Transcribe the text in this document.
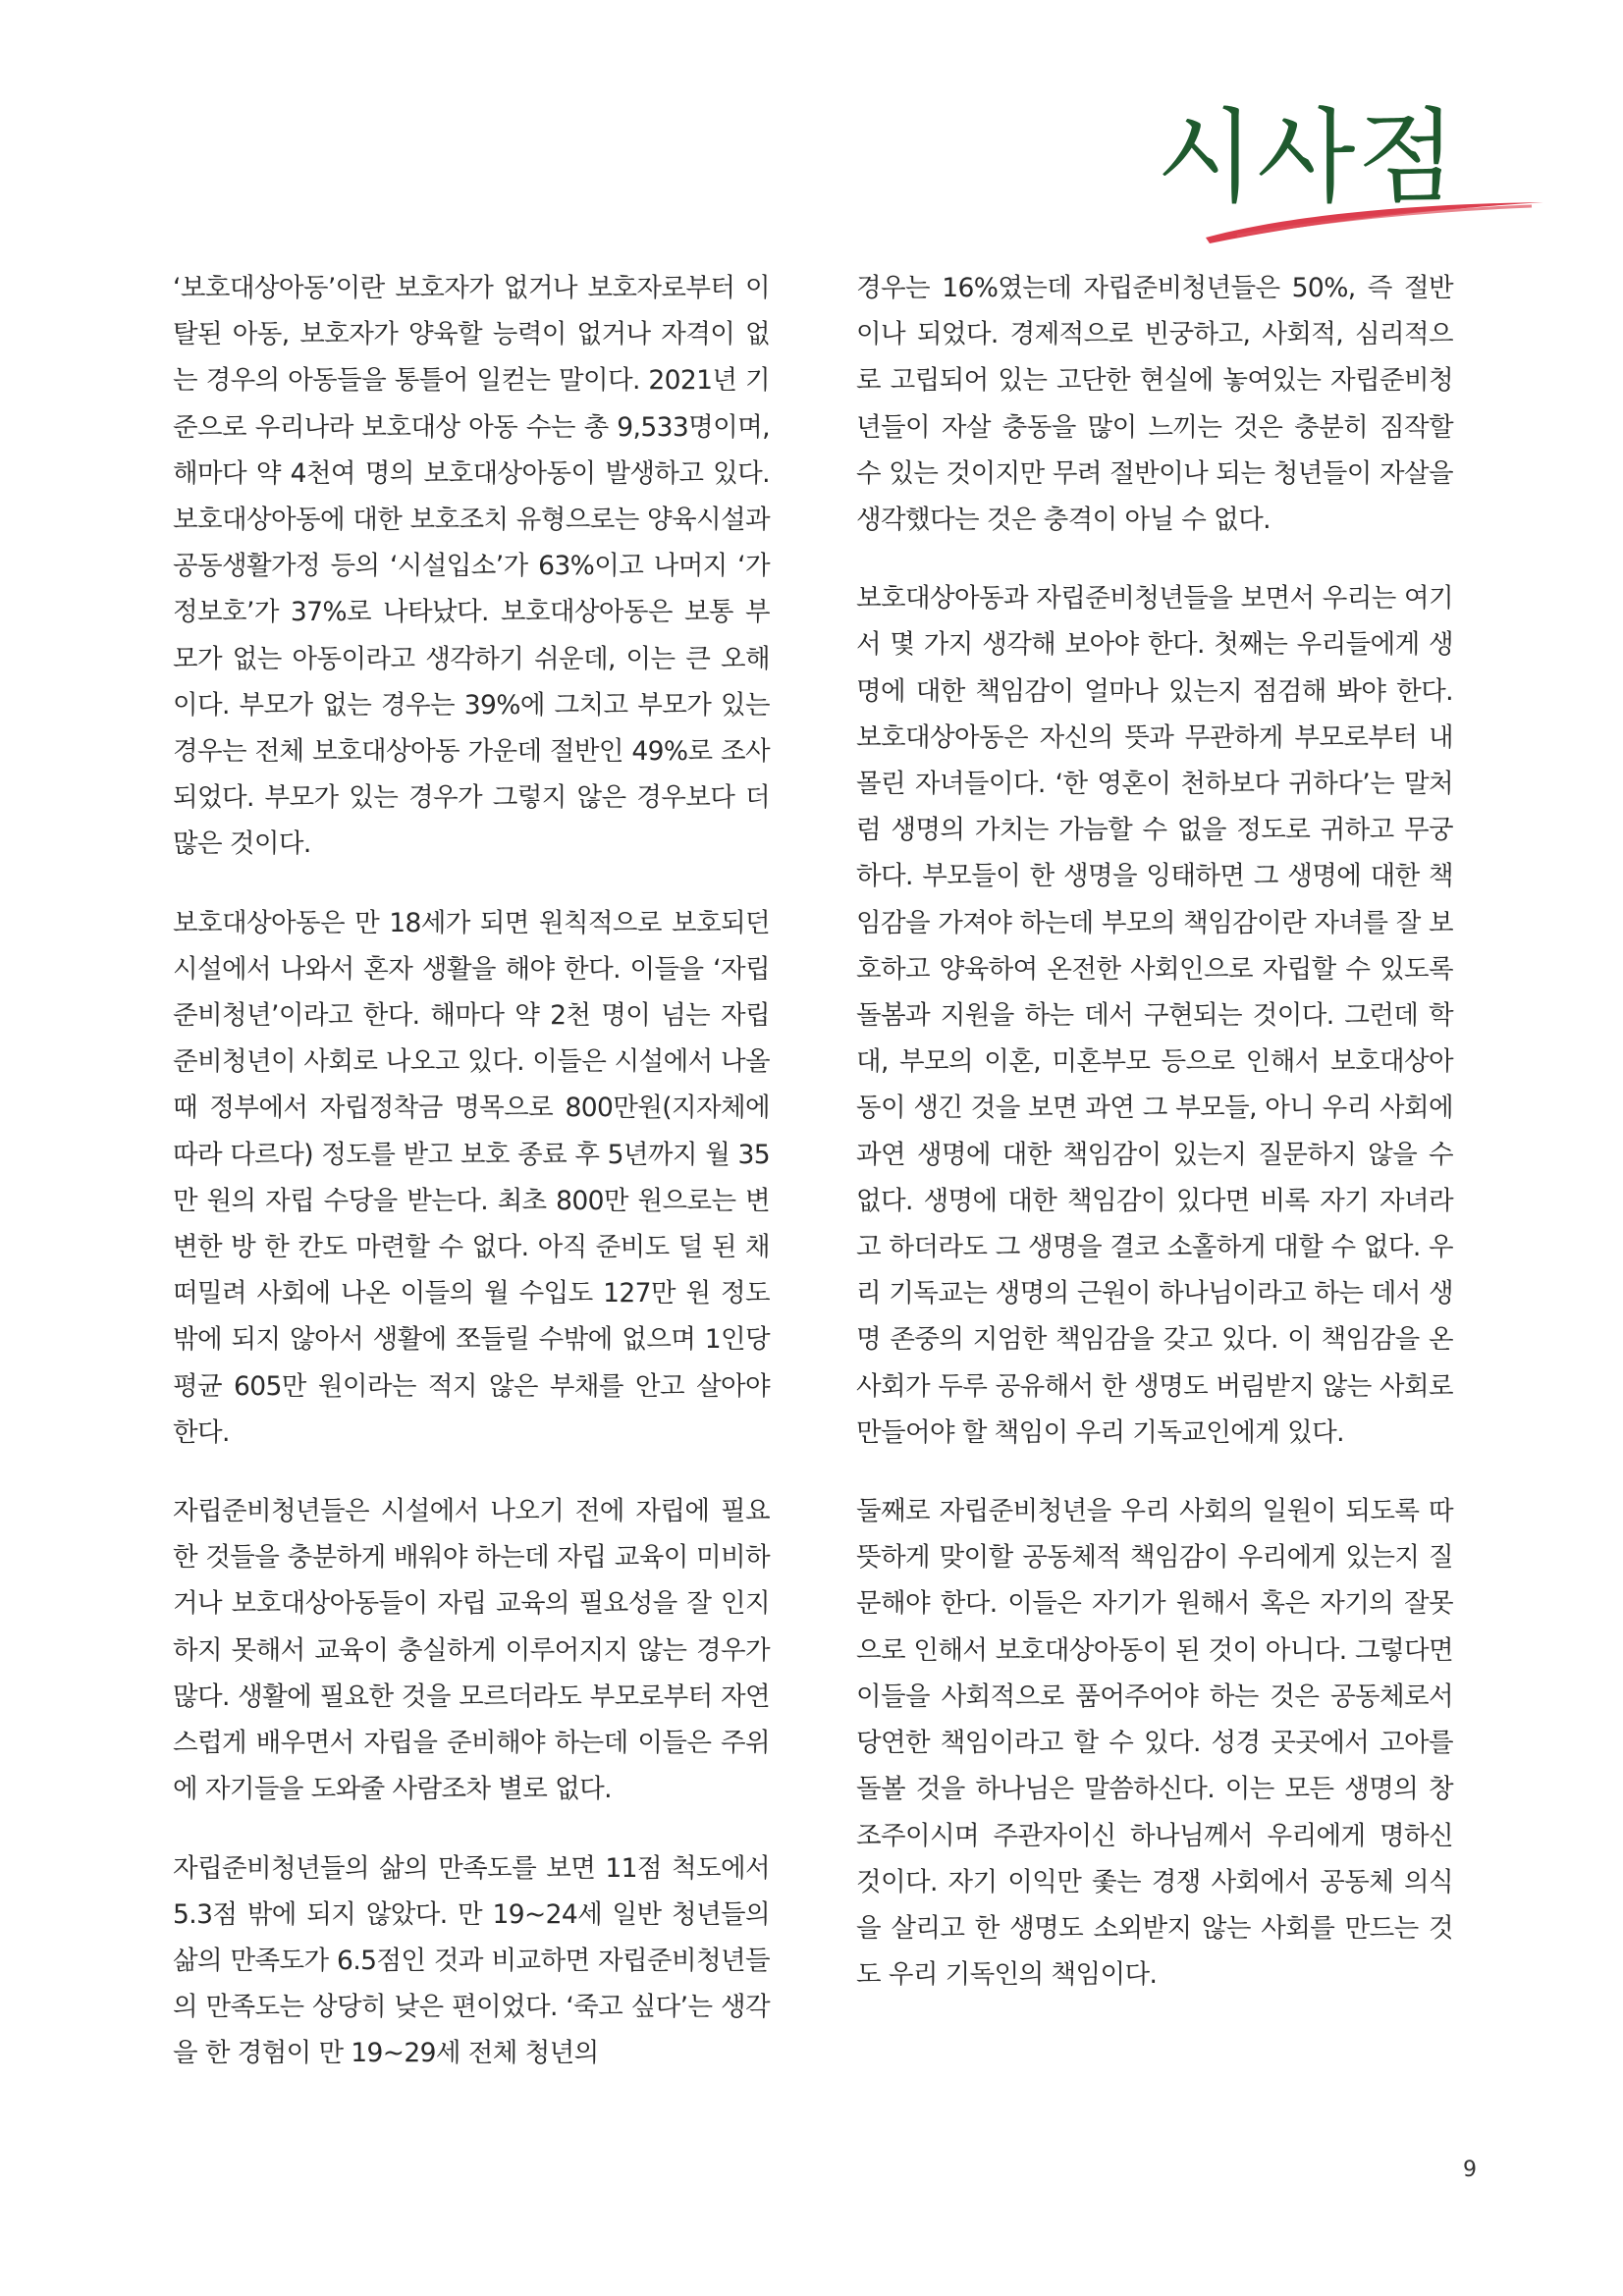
시사점

‘보호대상아동’이란 보호자가 없거나 보호자로부터 이탈된 아동, 보호자가 양육할 능력이 없거나 자격이 없는 경우의 아동들을 통틀어 일컫는 말이다. 2021년 기준으로 우리나라 보호대상 아동 수는 총 9,533명이며, 해마다 약 4천여 명의 보호대상아동이 발생하고 있다. 보호대상아동에 대한 보호조치 유형으로는 양육시설과 공동생활가정 등의 ‘시설입소’가 63%이고 나머지 ‘가정보호’가 37%로 나타났다. 보호대상아동은 보통 부모가 없는 아동이라고 생각하기 쉬운데, 이는 큰 오해이다. 부모가 없는 경우는 39%에 그치고 부모가 있는 경우는 전체 보호대상아동 가운데 절반인 49%로 조사되었다. 부모가 있는 경우가 그렇지 않은 경우보다 더 많은 것이다.

보호대상아동은 만 18세가 되면 원칙적으로 보호되던 시설에서 나와서 혼자 생활을 해야 한다. 이들을 ‘자립준비청년’이라고 한다. 해마다 약 2천 명이 넘는 자립준비청년이 사회로 나오고 있다. 이들은 시설에서 나올 때 정부에서 자립정착금 명목으로 800만원(지자체에 따라 다르다) 정도를 받고 보호 종료 후 5년까지 월 35만 원의 자립 수당을 받는다. 최초 800만 원으로는 변변한 방 한 칸도 마련할 수 없다. 아직 준비도 덜 된 채 떠밀려 사회에 나온 이들의 월 수입도 127만 원 정도밖에 되지 않아서 생활에 쪼들릴 수밖에 없으며 1인당 평균 605만 원이라는 적지 않은 부채를 안고 살아야 한다.

자립준비청년들은 시설에서 나오기 전에 자립에 필요한 것들을 충분하게 배워야 하는데 자립 교육이 미비하거나 보호대상아동들이 자립 교육의 필요성을 잘 인지하지 못해서 교육이 충실하게 이루어지지 않는 경우가 많다. 생활에 필요한 것을 모르더라도 부모로부터 자연스럽게 배우면서 자립을 준비해야 하는데 이들은 주위에 자기들을 도와줄 사람조차 별로 없다.

자립준비청년들의 삶의 만족도를 보면 11점 척도에서 5.3점 밖에 되지 않았다. 만 19~24세 일반 청년들의 삶의 만족도가 6.5점인 것과 비교하면 자립준비청년들의 만족도는 상당히 낮은 편이었다. ‘죽고 싶다’는 생각을 한 경험이 만 19~29세 전체 청년의

경우는 16%였는데 자립준비청년들은 50%, 즉 절반이나 되었다. 경제적으로 빈궁하고, 사회적, 심리적으로 고립되어 있는 고단한 현실에 놓여있는 자립준비청년들이 자살 충동을 많이 느끼는 것은 충분히 짐작할 수 있는 것이지만 무려 절반이나 되는 청년들이 자살을 생각했다는 것은 충격이 아닐 수 없다.

보호대상아동과 자립준비청년들을 보면서 우리는 여기서 몇 가지 생각해 보아야 한다. 첫째는 우리들에게 생명에 대한 책임감이 얼마나 있는지 점검해 봐야 한다. 보호대상아동은 자신의 뜻과 무관하게 부모로부터 내몰린 자녀들이다. ‘한 영혼이 천하보다 귀하다’는 말처럼 생명의 가치는 가늠할 수 없을 정도로 귀하고 무궁하다. 부모들이 한 생명을 잉태하면 그 생명에 대한 책임감을 가져야 하는데 부모의 책임감이란 자녀를 잘 보호하고 양육하여 온전한 사회인으로 자립할 수 있도록 돌봄과 지원을 하는 데서 구현되는 것이다. 그런데 학대, 부모의 이혼, 미혼부모 등으로 인해서 보호대상아동이 생긴 것을 보면 과연 그 부모들, 아니 우리 사회에 과연 생명에 대한 책임감이 있는지 질문하지 않을 수 없다. 생명에 대한 책임감이 있다면 비록 자기 자녀라고 하더라도 그 생명을 결코 소홀하게 대할 수 없다. 우리 기독교는 생명의 근원이 하나님이라고 하는 데서 생명 존중의 지엄한 책임감을 갖고 있다. 이 책임감을 온 사회가 두루 공유해서 한 생명도 버림받지 않는 사회로 만들어야 할 책임이 우리 기독교인에게 있다.

둘째로 자립준비청년을 우리 사회의 일원이 되도록 따뜻하게 맞이할 공동체적 책임감이 우리에게 있는지 질문해야 한다. 이들은 자기가 원해서 혹은 자기의 잘못으로 인해서 보호대상아동이 된 것이 아니다. 그렇다면 이들을 사회적으로 품어주어야 하는 것은 공동체로서 당연한 책임이라고 할 수 있다. 성경 곳곳에서 고아를 돌볼 것을 하나님은 말씀하신다. 이는 모든 생명의 창조주이시며 주관자이신 하나님께서 우리에게 명하신 것이다. 자기 이익만 좇는 경쟁 사회에서 공동체 의식을 살리고 한 생명도 소외받지 않는 사회를 만드는 것도 우리 기독인의 책임이다.

9
